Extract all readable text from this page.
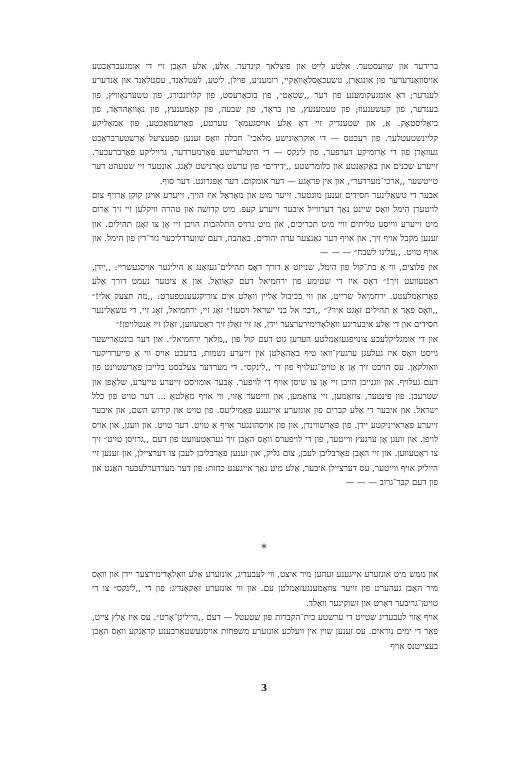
ברידער און שוועסטער. אלטע לייט און פיצלאך קינדער. אלע, אלע האָבן זיי די אומגעבראַכטע אויסוואַנדערער פון אונגאַרן, טשעכאָסלאָוואַקיי, רומעניע, פּוילן, ליטע, לעטלאַנד, עסטלאַנד און אַנדערע לענדער; דאָ אומגעקומענע פון דער ,,שטאָט״, פון בוכאַרעסט, פון קלויזנבורג, פון טשערנאָוויץ, פון בענדער, פון קעשענעוו; פון טעמענעץ, פון בראַד, פון שבעה, פון קאַמענעץ, פון נאָוואָהראַד, פון ביאַליסטאָק. אַ, און שטענדיק זיי דאָ אַלע אויסגעמאָ־ טערטע, פאַרשמאַכטע, פון אַמאָליקע קליינשטעטלעך. פון רעכטס — די אוקראַיִנישע מלאכי־ חבלה וואָס זענען ספּעציעל אַרשטערבראַכט געוואָרן פון די אַרומיקע דערפער. פון לינקס — די היטלערישע פאַרמערדער, גרויליקע פאַרברעכער. זייערע שכנים און באַקאַנטע און כלומרשטע ,,ידידים״ פון ערשט גאַרנישט לאַנג. אונטער זיי שטעהט דער טייטשער ,,ארכי־מערדער״, און אין פּראָגע — דער אומקום. דער אַפּגרונט. דער סוף.

אבער די טשאַלינער חסידים זענען מונטער. זייער מוט און מאָראַל איז הויך, זייערע אויגן קוקן אַרויף צום לויטערן הימל וואָס שיינט נאָך דערווייל איבער זייערע קעפּ. מיט קדושה און טהרה וויקלען זיי זיך אַרום מיט זייערע ווייסע טליתים וויי מיט תכריכים, און מיט גרויס התלהבות הויבן זיי אָן צו זאָגן תהילים. און זענען מקבל אויף זיך, און אויף דער גאַנצער עדה יהודים, באַהבה, דעם שווערדליכער גזר־דין פון הימל. און אויף טויט. ,,עלינו לשבח״ — — —

און פּלוצים, ווי אַ בת־קול פון הימל, שנייזט אַ דורך דאָס תהילים־געזאַנג אַ היליגער אויסגעשריי: ,,יידן, ראַטעוועט זיך!״ דאָס איז די שטימע פון ירחמיאל דעם קאָוואַל. און אַ ציטער נעמט דורך אַלע פאַרזאַמלעטע. ירחמיאל שרייט, און ווי בכיבול אַליין וואָלט אים צוריקגעענטפערט: ,,מה תצעק אלי!״ ,,וואָס פאַר אַ תהילים זאָגט איר?״ ,,דבר אל בני ישראל ויסעו!״ זאָג זיי, ירחמיאל, זאָג זיי, די טשאַלינער חסידים און די אַלע איבעריגע וואָלאָדימירערצער יידן, אַז זיי זאָלן זיך ראַטעווען, זאָלן זיי אַנטלויפן!״

און די אומגליקלעכע צונויפגעזאַמלטע הערען גוט דעם קול פון ,,מלאך ירחמיאל״. און דער בונטאַרישער גייסט וואָס איז געלעגן ערגעץ־וואו טיף באַהאַלטן אין זייערע נשמות, ברעכט אויס ווי אַ פייערדיקער וואולקאַן. עס הויבט זיך אָן אַ טויט־געלויף פון די ,,לינקס״. די מערדער צעלבסט בלייבן פאַרשטוינט פון דעם געלויף. און ווגנייבן הויבן זיי אָן צו שיסן אויף די לויפער. אָבער אומזיסט זייערע טייערע, שלאָפן און שטרעבן. פון פינטער, צוזאַמען, זיי צוזאַמען, און ווייטער אַזוי, ווי אויף מאָלטאָ ... דער טויט פון כלל ישראל. און איבער די אַלע קברים פון אונזערע אייגענע פאַמיליעס. פון טויט און קידוש השם, און איבער זייערע פאַראייניקטע יידן. פון פאַרשווינדן, און פון אויסהונגער אויף אַ טויט. דער טויט. און וועגן, און אויס לויפן. און וועגן אָן ערגעץ ווייטער, פון די לויפערס וואָס האָבן זיך געראַטעוועט פון דעם ,,גרויסן טויט״ זיך צו ראַטעווען. און זיי האָבן פאַרבליבן לעבן, צום גליק, און זענען פאַרבליבן לעבן צו דערציילן, און זענען זיי הייליק אויף ווייטער, עס דערציילן איבער, אַלע מיט נאָך אייגענע כחות: פון דער מערדערלעכער האַנט און פון דעם קבר־גרוב — — —

*

און ממש מיט אונזערע אייגענע זעהען מיר איצט, ווי לעבעדיג, אונזערע אַלע וואָלאָדימירצער יידן און וואָס מיר האָבן געהערט פון זייער צוזאַמענגעזאַמלטן עם. און ווי אונזערע זאַקאָנדיג: פון די ,,לינקס״ צו די טויטן־גריבער דאָרט און זשוקינער וואַלד.

אויף אַזוי לעבעדיג שטייט די ערשטע בית־הקברות פון שטעטל — דעם ,,הייליגן־אָרט״. עס איז אַלץ צייט, פאַר די ימים נוראים. עס זענען שוין אין וועלכע אונזערע משפּחות אויסגעשטאַרבענע קראַנקע וואָס האָבן בעצייטנס אויף

3
